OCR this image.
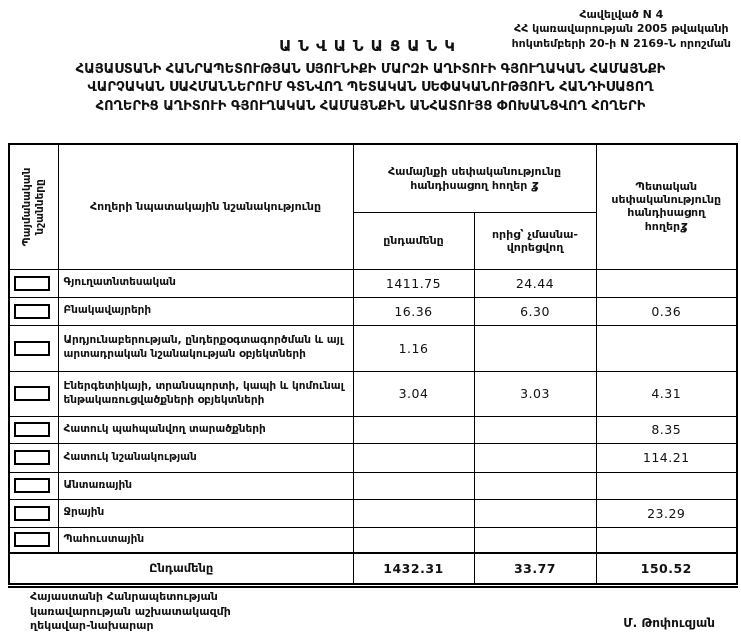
Հավելված N 4
ՀՀ կառավարության 2005 թվականի
հոկտեմբերի 20-ի N 2169-Ն որոշման
ԱՆՎԱՆԱՑԱՆԿ
ՀԱՅԱՍՏԱՆԻ ՀԱՆՐԱՊԵՏՈՒԹՅԱՆ ՍՅՈՒՆԻՔԻ ՄԱՐԶԻ ԱՂԻՏՈՒԻ ԳՅՈՒՂԱԿԱՆ ՀԱՄԱՅՆՔԻ
ՎԱՐՉԱԿԱՆ ՍԱՀՄԱՆՆԵՐՈՒՄ ԳՏՆՎՈՂ ՊԵՏԱԿԱՆ ՍԵՓԱԿԱՆՈՒԹՅՈՒՆ ՀԱՆԴԻՍԱՑՈՂ
ՀՈՂԵՐԻՑ ԱՂԻՏՈՒԻ ԳՅՈՒՂԱԿԱՆ ՀԱՄԱՅՆՔԻՆ ԱՆՀԱՏՈՒՅՑ ՓՈԽԱՆՑՎՈՂ ՀՈՂԵՐԻ
Պայմանական նշանները	Հողերի նպատակային նշանակությունը	Համայնքի սեփականությունը հանդիսացող հողեր ʓ		Պետական սեփականությունը հանդիսացող հողերʓ
		ընդամենը	որից՝ չմասնա-վորեցվող	

	Գյուղատնտեսական	1411.75	24.44	

	Բնակավայրերի	16.36	6.30	0.36

	Արդյունաբերության, ընդերքօգտագործման և այլ արտադրական նշանակության օբյեկտների	1.16		

	Էներգետիկայի, տրանսպորտի, կապի և կոմունալ ենթակառուցվածքների օբյեկտների	3.04	3.03	4.31

	Հատուկ պահպանվող տարածքների			8.35

	Հատուկ նշանակության			114.21

	Անտառային			

	Ջրային			23.29

	Պահուստային			
Ընդամենը		1432.31	33.77	150.52
Հայաստանի Հանրապետության
կառավարության աշխատակազմի
ղեկավար-նախարար	Մ. Թոփուզյան
